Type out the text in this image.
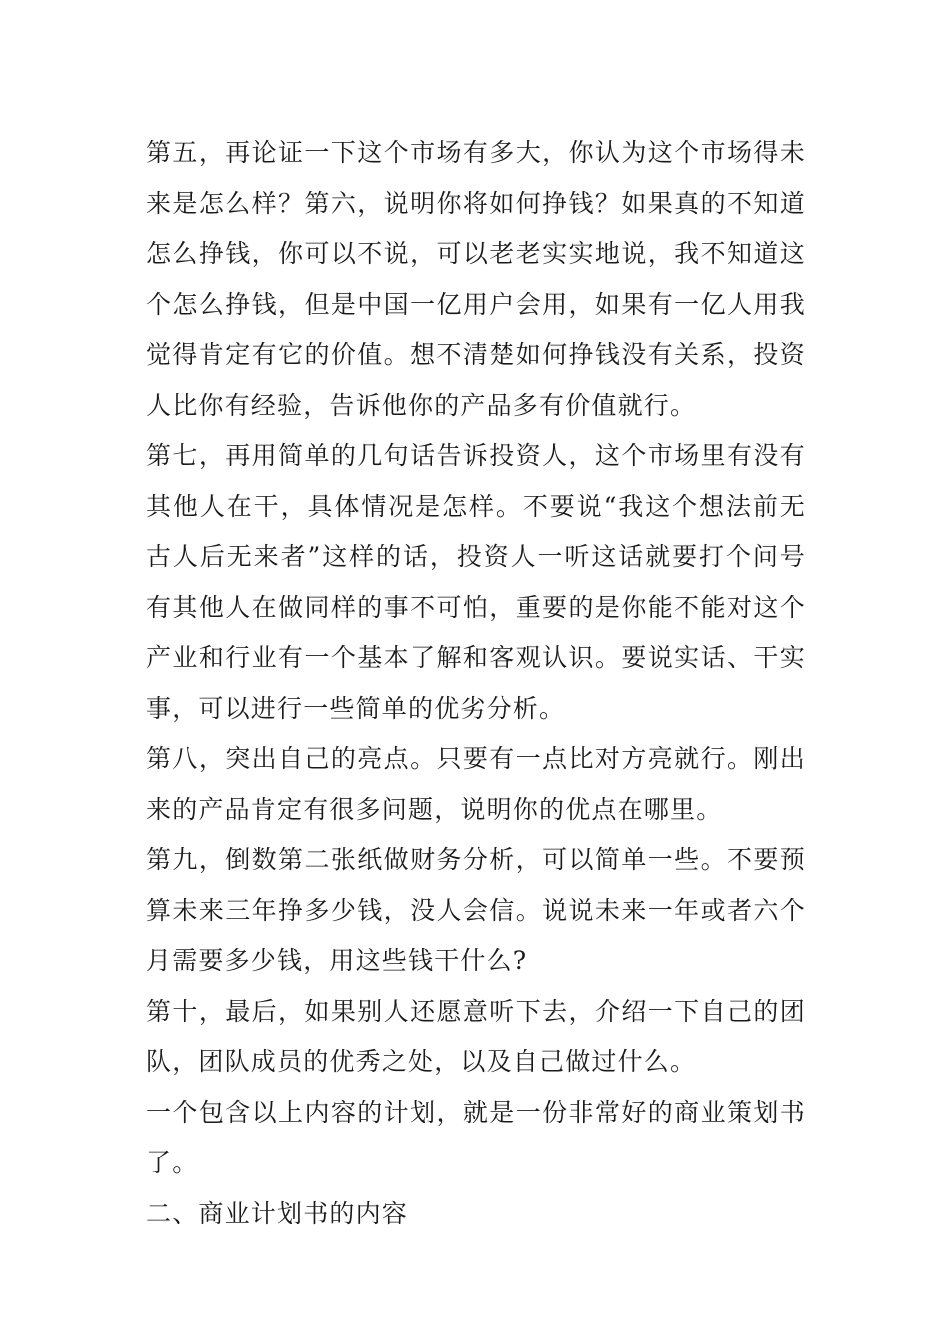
第五，再论证一下这个市场有多大，你认为这个市场得未来是怎么样？第六，说明你将如何挣钱？如果真的不知道怎么挣钱，你可以不说，可以老老实实地说，我不知道这个怎么挣钱，但是中国一亿用户会用，如果有一亿人用我觉得肯定有它的价值。想不清楚如何挣钱没有关系，投资人比你有经验，告诉他你的产品多有价值就行。

第七，再用简单的几句话告诉投资人，这个市场里有没有其他人在干，具体情况是怎样。不要说“我这个想法前无古人后无来者”这样的话，投资人一听这话就要打个问号有其他人在做同样的事不可怕，重要的是你能不能对这个产业和行业有一个基本了解和客观认识。要说实话、干实事，可以进行一些简单的优劣分析。

第八，突出自己的亮点。只要有一点比对方亮就行。刚出来的产品肯定有很多问题，说明你的优点在哪里。

第九，倒数第二张纸做财务分析，可以简单一些。不要预算未来三年挣多少钱，没人会信。说说未来一年或者六个月需要多少钱，用这些钱干什么?

第十，最后，如果别人还愿意听下去，介绍一下自己的团队，团队成员的优秀之处，以及自己做过什么。

一个包含以上内容的计划，就是一份非常好的商业策划书了。

二、商业计划书的内容
